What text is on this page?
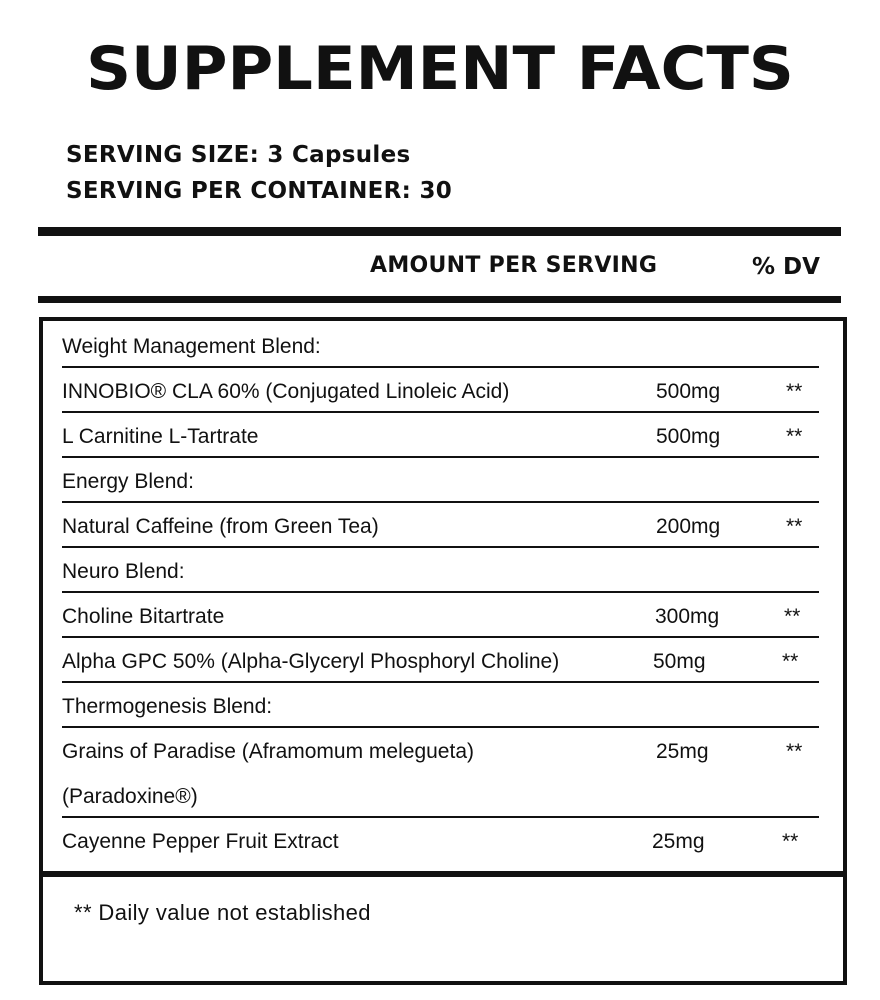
SUPPLEMENT FACTS
SERVING SIZE: 3 Capsules
SERVING PER CONTAINER: 30
AMOUNT PER SERVING	% DV
Weight Management Blend:
INNOBIO® CLA 60% (Conjugated Linoleic Acid)	500mg	**
L Carnitine L-Tartrate	500mg	**
Energy Blend:
Natural Caffeine (from Green Tea)	200mg	**
Neuro Blend:
Choline Bitartrate	300mg	**
Alpha GPC 50% (Alpha-Glyceryl Phosphoryl Choline)	50mg	**
Thermogenesis Blend:
Grains of Paradise (Aframomum melegueta)	25mg	**
(Paradoxine®)
Cayenne Pepper Fruit Extract	25mg	**
** Daily value not established
